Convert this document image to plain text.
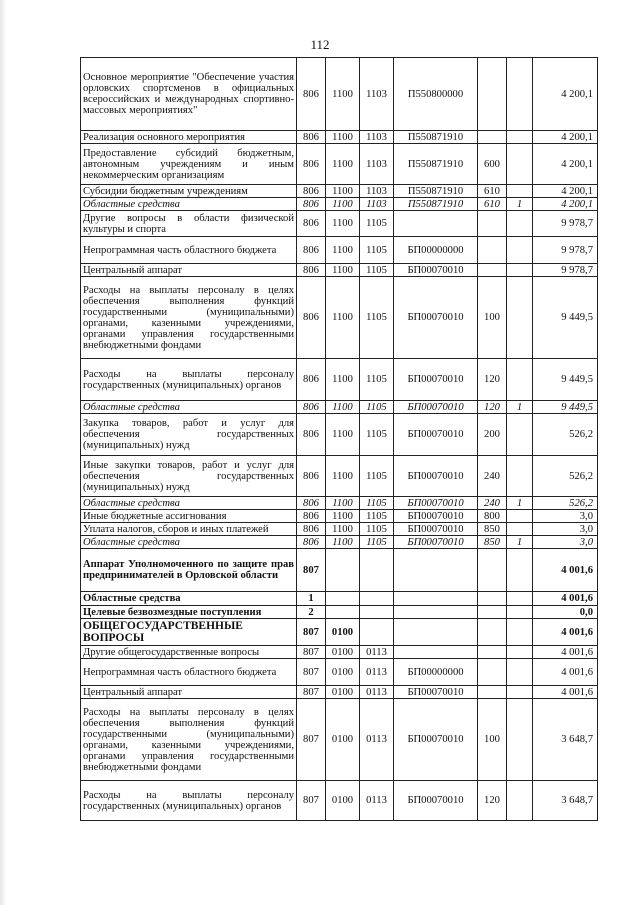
112
Основное мероприятие "Обеспечение участия орловских спортсменов в официальных всероссийских и международных спортивно-массовых мероприятиях"	806	1100	1103	П550800000			4 200,1
Реализация основного мероприятия	806	1100	1103	П550871910			4 200,1
Предоставление субсидий бюджетным, автономным учреждениям и иным некоммерческим организациям	806	1100	1103	П550871910	600		4 200,1
Субсидии бюджетным учреждениям	806	1100	1103	П550871910	610		4 200,1
Областные средства	806	1100	1103	П550871910	610	1	4 200,1
Другие вопросы в области физической культуры и спорта	806	1100	1105				9 978,7
Непрограммная часть областного бюджета	806	1100	1105	БП00000000			9 978,7
Центральный аппарат	806	1100	1105	БП00070010			9 978,7
Расходы на выплаты персоналу в целях обеспечения выполнения функций государственными (муниципальными) органами, казенными учреждениями, органами управления государственными внебюджетными фондами	806	1100	1105	БП00070010	100		9 449,5
Расходы на выплаты персоналу государственных (муниципальных) органов	806	1100	1105	БП00070010	120		9 449,5
Областные средства	806	1100	1105	БП00070010	120	1	9 449,5
Закупка товаров, работ и услуг для обеспечения государственных (муниципальных) нужд	806	1100	1105	БП00070010	200		526,2
Иные закупки товаров, работ и услуг для обеспечения государственных (муниципальных) нужд	806	1100	1105	БП00070010	240		526,2
Областные средства	806	1100	1105	БП00070010	240	1	526,2
Иные бюджетные ассигнования	806	1100	1105	БП00070010	800		3,0
Уплата налогов, сборов и иных платежей	806	1100	1105	БП00070010	850		3,0
Областные средства	806	1100	1105	БП00070010	850	1	3,0
Аппарат Уполномоченного по защите прав предпринимателей в Орловской области	807						4 001,6
Областные средства	1						4 001,6
Целевые безвозмездные поступления	2						0,0
ОБЩЕГОСУДАРСТВЕННЫЕ ВОПРОСЫ	807	0100					4 001,6
Другие общегосударственные вопросы	807	0100	0113				4 001,6
Непрограммная часть областного бюджета	807	0100	0113	БП00000000			4 001,6
Центральный аппарат	807	0100	0113	БП00070010			4 001,6
Расходы на выплаты персоналу в целях обеспечения выполнения функций государственными (муниципальными) органами, казенными учреждениями, органами управления государственными внебюджетными фондами	807	0100	0113	БП00070010	100		3 648,7
Расходы на выплаты персоналу государственных (муниципальных) органов	807	0100	0113	БП00070010	120		3 648,7
